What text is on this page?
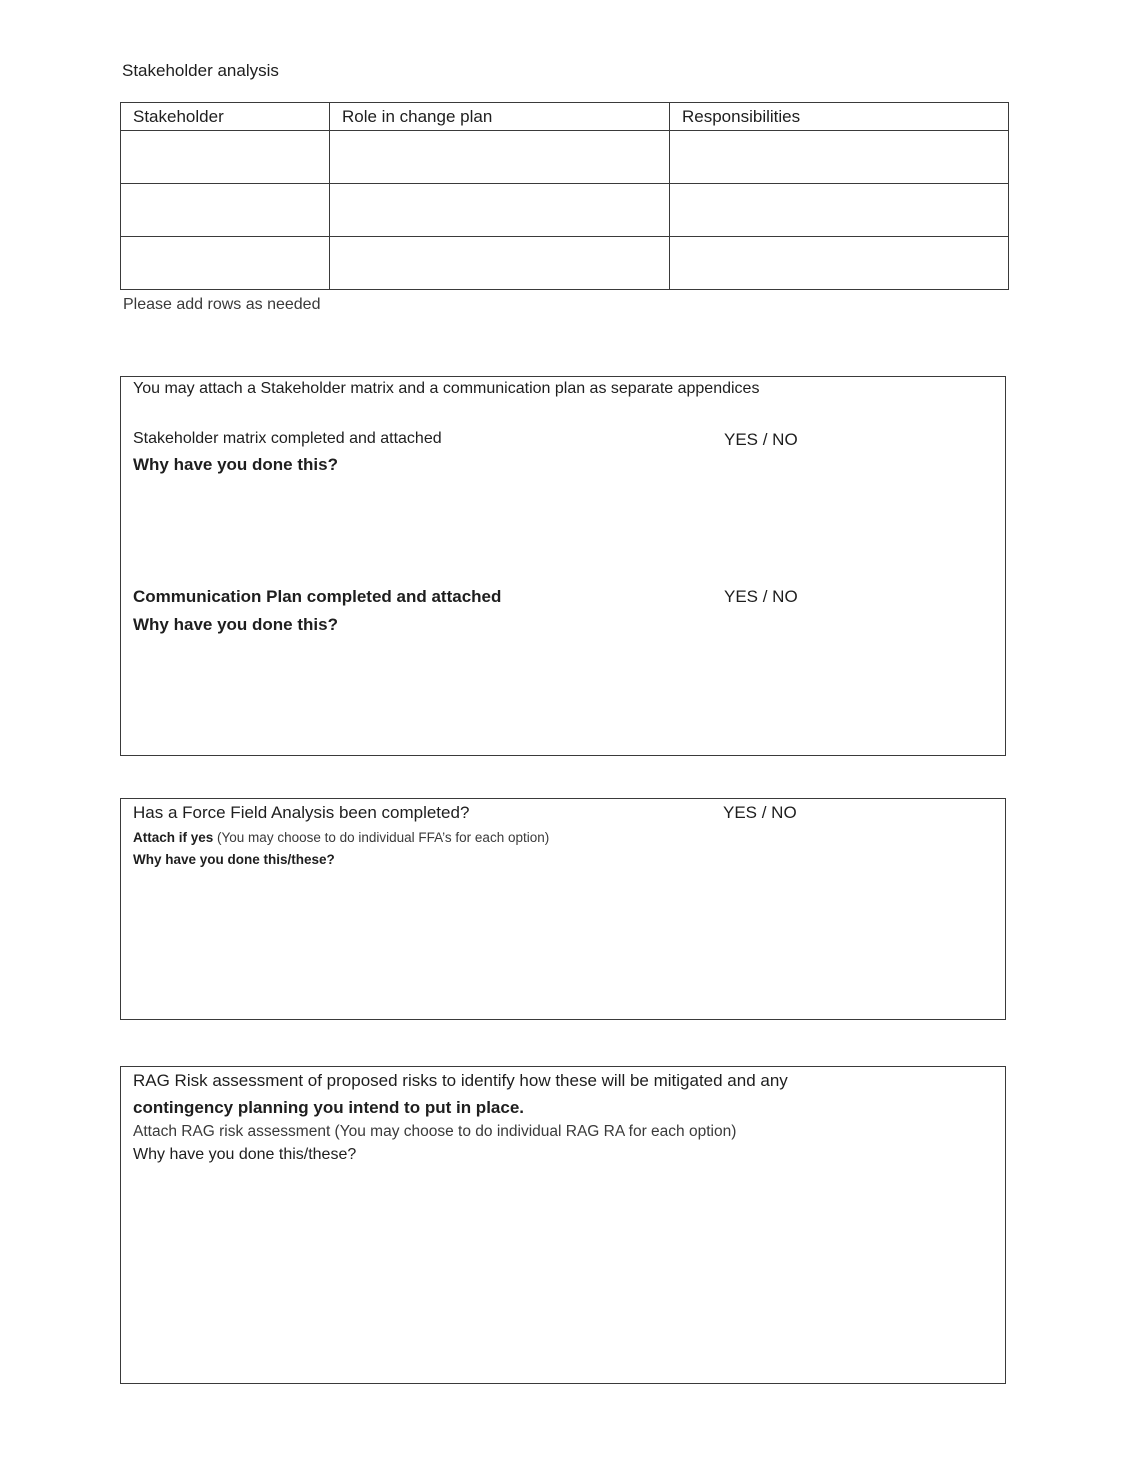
Stakeholder analysis
Stakeholder	Role in change plan	Responsibilities

Please add rows as needed
You may attach a Stakeholder matrix and a communication plan as separate appendices
Stakeholder matrix completed and attached	YES / NO
Why have you done this?
Communication Plan completed and attached	YES / NO
Why have you done this?
Has a Force Field Analysis been completed?	YES / NO
Attach if yes (You may choose to do individual FFA’s for each option)
Why have you done this/these?
RAG Risk assessment of proposed risks to identify how these will be mitigated and any
contingency planning you intend to put in place.
Attach RAG risk assessment (You may choose to do individual RAG RA for each option)
Why have you done this/these?
